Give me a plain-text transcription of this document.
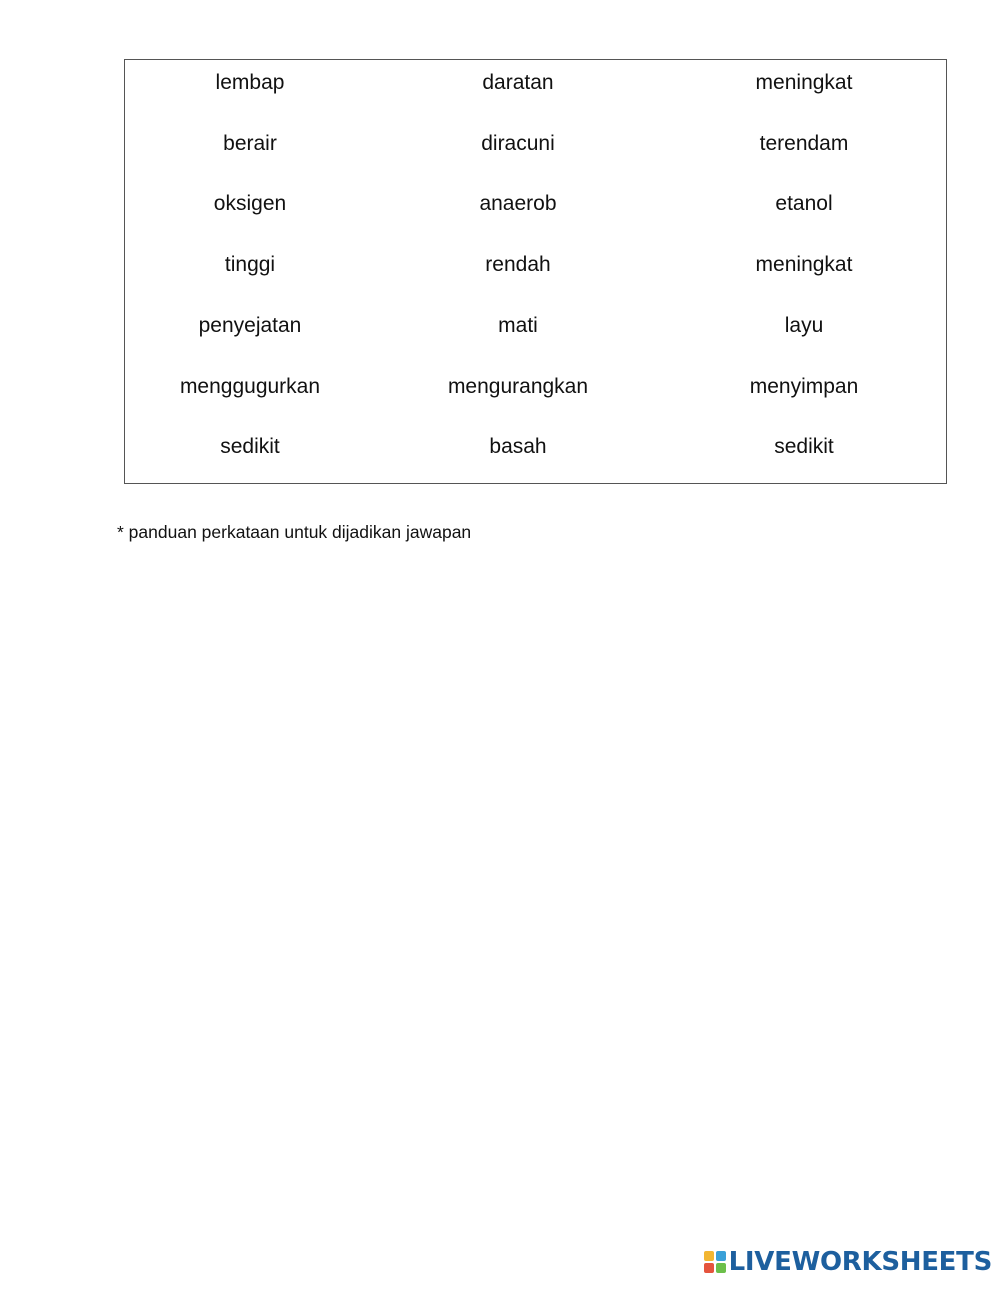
lembap	daratan	meningkat
berair	diracuni	terendam
oksigen	anaerob	etanol
tinggi	rendah	meningkat
penyejatan	mati	layu
menggugurkan	mengurangkan	menyimpan
sedikit	basah	sedikit
* panduan perkataan untuk dijadikan jawapan
LIVEWORKSHEETS
